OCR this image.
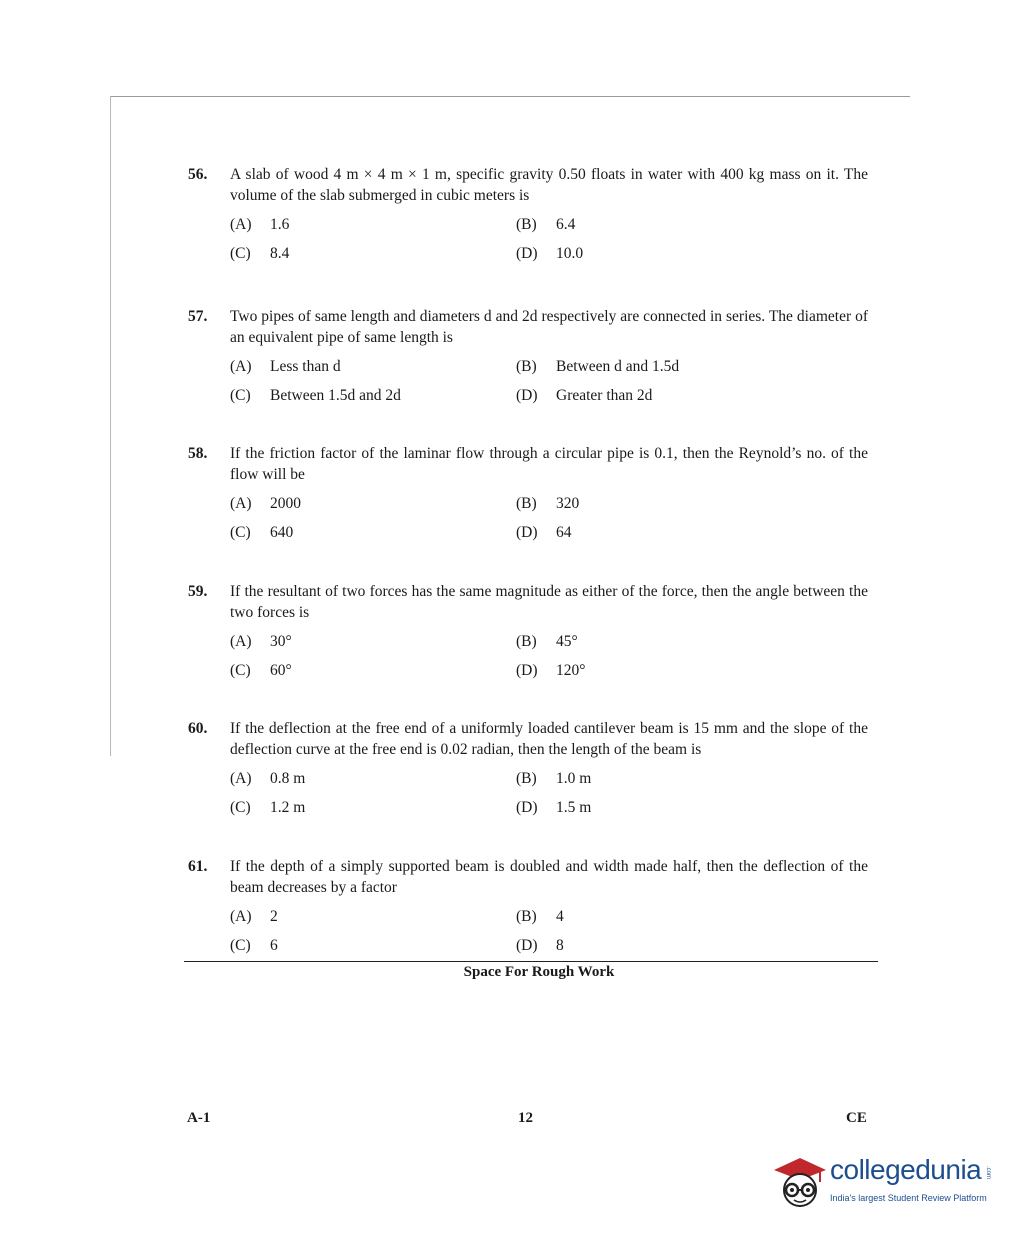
56.	A slab of wood 4 m × 4 m × 1 m, specific gravity 0.50 floats in water with 400 kg mass on it. The volume of the slab submerged in cubic meters is
(A) 1.6	(B) 6.4
(C) 8.4	(D) 10.0
57.	Two pipes of same length and diameters d and 2d respectively are connected in series. The diameter of an equivalent pipe of same length is
(A) Less than d	(B) Between d and 1.5d
(C) Between 1.5d and 2d	(D) Greater than 2d
58.	If the friction factor of the laminar flow through a circular pipe is 0.1, then the Reynold’s no. of the flow will be
(A) 2000	(B) 320
(C) 640	(D) 64
59.	If the resultant of two forces has the same magnitude as either of the force, then the angle between the two forces is
(A) 30°	(B) 45°
(C) 60°	(D) 120°
60.	If the deflection at the free end of a uniformly loaded cantilever beam is 15 mm and the slope of the deflection curve at the free end is 0.02 radian, then the length of the beam is
(A) 0.8 m	(B) 1.0 m
(C) 1.2 m	(D) 1.5 m
61.	If the depth of a simply supported beam is doubled and width made half, then the deflection of the beam decreases by a factor
(A) 2	(B) 4
(C) 6	(D) 8
Space For Rough Work
A-1	12	CE
collegedunia .com
India's largest Student Review Platform
